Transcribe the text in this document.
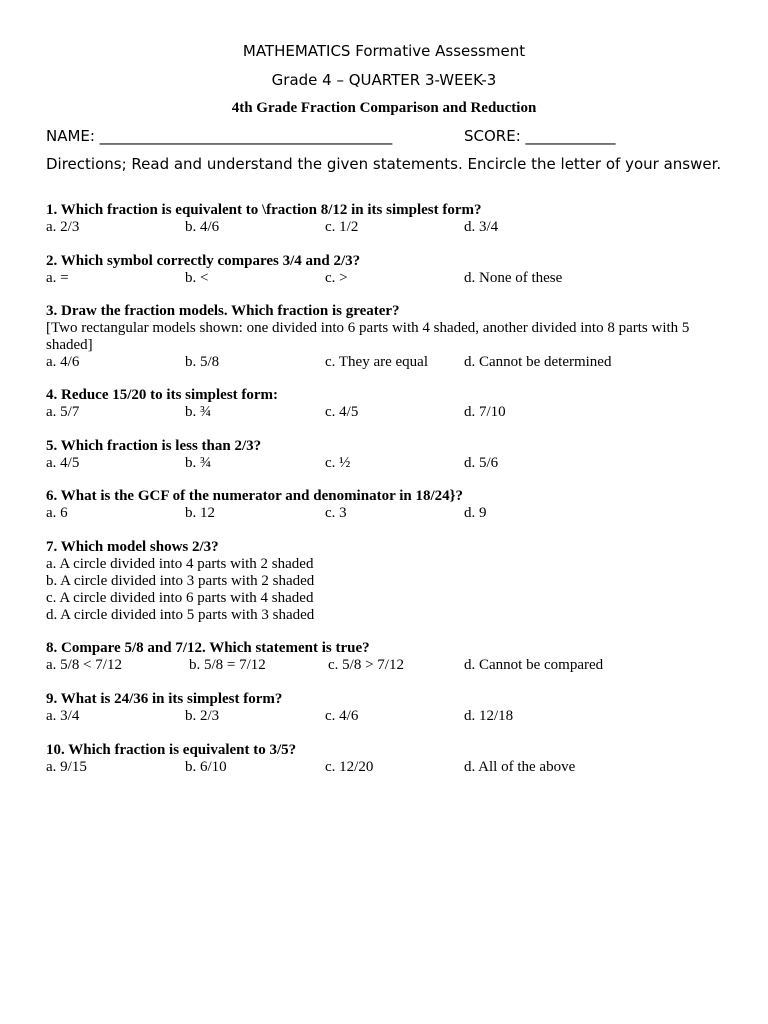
MATHEMATICS Formative Assessment
Grade 4 – QUARTER 3-WEEK-3
4th Grade Fraction Comparison and Reduction
NAME: _______________________________________	SCORE: ____________
Directions; Read and understand the given statements. Encircle the letter of your answer.
1. Which fraction is equivalent to \fraction 8/12 in its simplest form?
a. 2/3	b. 4/6	c. 1/2	d. 3/4
2. Which symbol correctly compares 3/4 and 2/3?
a. =	b. <	c. >	d. None of these
3. Draw the fraction models. Which fraction is greater?
[Two rectangular models shown: one divided into 6 parts with 4 shaded, another divided into 8 parts with 5 shaded]
a. 4/6	b. 5/8	c. They are equal d. Cannot be determined
4. Reduce 15/20 to its simplest form:
a. 5/7	b. ¾	c. 4/5	d. 7/10
5. Which fraction is less than 2/3?
a. 4/5	b. ¾	c. ½	d. 5/6
6. What is the GCF of the numerator and denominator in 18/24}?
a. 6	b. 12	c. 3	d. 9
7. Which model shows 2/3?
a. A circle divided into 4 parts with 2 shaded
b. A circle divided into 3 parts with 2 shaded
c. A circle divided into 6 parts with 4 shaded
d. A circle divided into 5 parts with 3 shaded
8. Compare 5/8 and 7/12. Which statement is true?
a. 5/8 < 7/12	b. 5/8 = 7/12	c. 5/8 > 7/12	d. Cannot be compared
9. What is 24/36 in its simplest form?
a. 3/4	b. 2/3	c. 4/6	d. 12/18
10. Which fraction is equivalent to 3/5?
a. 9/15	b. 6/10	c. 12/20	d. All of the above
